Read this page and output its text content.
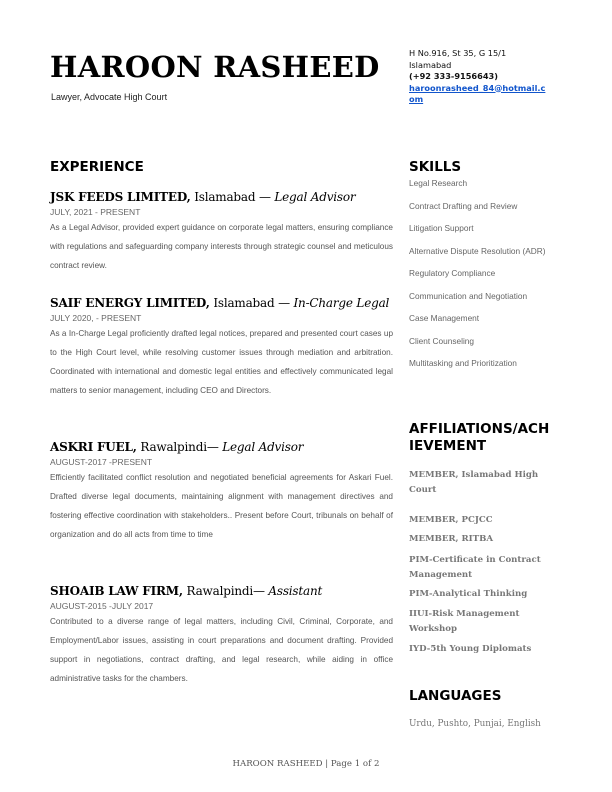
HAROON RASHEED
Lawyer, Advocate High Court
H No.916, St 35, G 15/1
Islamabad
(+92 333-9156643)
haroonrasheed_84@hotmail.com
EXPERIENCE
JSK FEEDS LIMITED, Islamabad — Legal Advisor
JULY, 2021 - PRESENT
As a Legal Advisor, provided expert guidance on corporate legal matters, ensuring compliance with regulations and safeguarding company interests through strategic counsel and meticulous contract review.
SAIF ENERGY LIMITED, Islamabad — In-Charge Legal
JULY 2020, - PRESENT
As a In-Charge Legal proficiently drafted legal notices, prepared and presented court cases up to the High Court level, while resolving customer issues through mediation and arbitration. Coordinated with international and domestic legal entities and effectively communicated legal matters to senior management, including CEO and Directors.
ASKRI FUEL, Rawalpindi— Legal Advisor
AUGUST-2017 -PRESENT
Efficiently facilitated conflict resolution and negotiated beneficial agreements for Askari Fuel. Drafted diverse legal documents, maintaining alignment with management directives and fostering effective coordination with stakeholders.. Present before Court, tribunals on behalf of organization and do all acts from time to time
SHOAIB LAW FIRM, Rawalpindi— Assistant
AUGUST-2015 -JULY 2017
Contributed to a diverse range of legal matters, including Civil, Criminal, Corporate, and Employment/Labor issues, assisting in court preparations and document drafting. Provided support in negotiations, contract drafting, and legal research, while aiding in office administrative tasks for the chambers.
SKILLS
Legal Research
Contract Drafting and Review
Litigation Support
Alternative Dispute Resolution (ADR)
Regulatory Compliance
Communication and Negotiation
Case Management
Client Counseling
Multitasking and Prioritization
AFFILIATIONS/ACHIEVEMENT
MEMBER, Islamabad High Court
MEMBER, PCJCC
MEMBER, RITBA
PIM-Certificate in Contract Management
PIM-Analytical Thinking
IIUI-Risk Management Workshop
IYD-5th Young Diplomats
LANGUAGES
Urdu, Pushto, Punjai, English
HAROON RASHEED | Page 1 of 2
